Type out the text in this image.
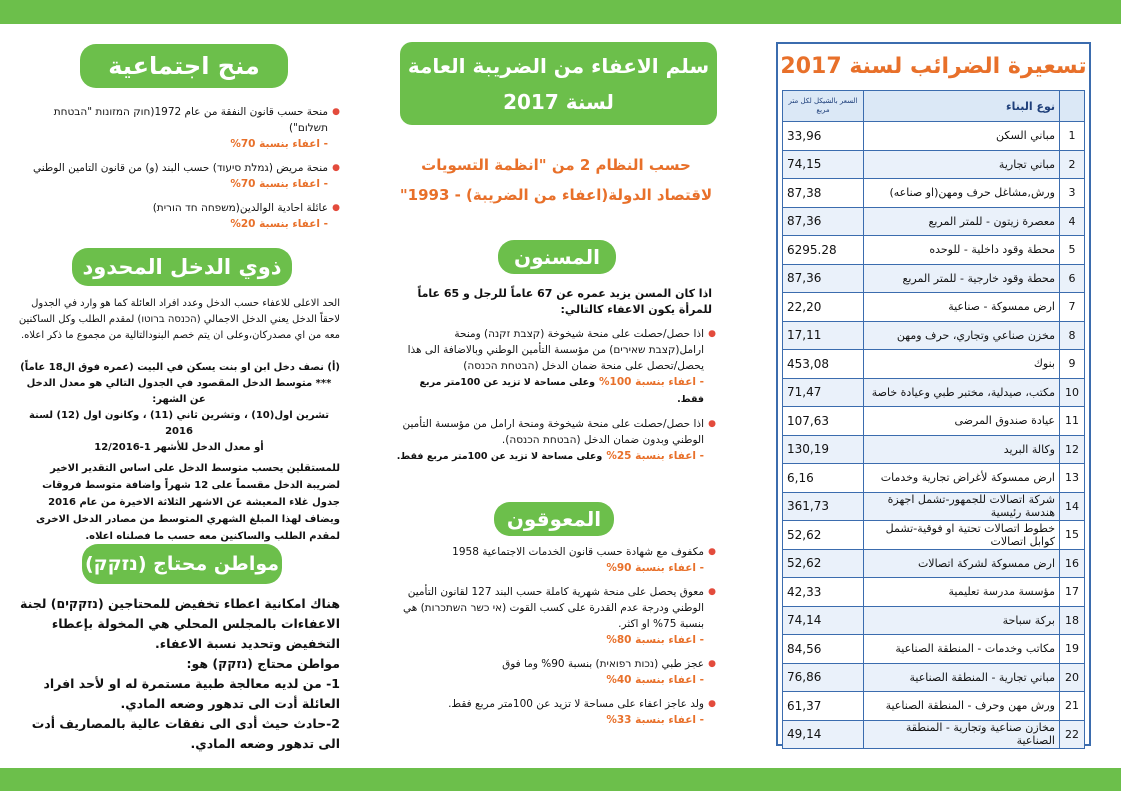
تسعيرة الضرائب لسنة 2017
	نوع البناء	السعر بالشيكل لكل متر مربع
1	مباني السكن	33,96
2	مباني تجارية	74,15
3	ورش,مشاغل حرف ومهن(او صناعه)	87,38
4	معصرة زيتون - للمتر المربع	87,36
5	محطة وقود داخلية - للوحده	6295.28
6	محطة وقود خارجية - للمتر المربع	87,36
7	ارض ممسوكة - صناعية	22,20
8	مخزن صناعي وتجاري، حرف ومهن	17,11
9	بنوك	453,08
10	مكتب، صيدلية، مختبر طبي وعيادة خاصة	71,47
11	عيادة صندوق المرضى	107,63
12	وكالة البريد	130,19
13	ارض ممسوكة لأغراض تجارية وخدمات	6,16
14	شركة اتصالات للجمهور-تشمل اجهزة هندسة رئيسية	361,73
15	خطوط اتصالات تحتية او فوقية-تشمل كوابل اتصالات	52,62
16	ارض ممسوكة لشركة اتصالات	52,62
17	مؤسسة مدرسة تعليمية	42,33
18	بركة سباحة	74,14
19	مكاتب وخدمات - المنطقة الصناعية	84,56
20	مباني تجارية - المنطقة الصناعية	76,86
21	ورش مهن وحرف - المنطقة الصناعية	61,37
22	مخازن صناعية وتجارية - المنطقة الصناعية	49,14
سلم الاعفاء من الضريبة العامة
لسنة 2017
حسب النظام 2 من "انظمة التسويات
لاقتصاد الدولة(اعفاء من الضريبة) - 1993"
المسنون

اذا كان المسن يزيد عمره عن 67 عاماً للرجل و 65 عاماً للمرأة يكون الاعفاء كالتالي:

● اذا حصل/حصلت على منحة شيخوخة (קצבת זקנה) ومنحة ارامل(קצבת שאירים) من مؤسسة التأمين الوطني وبالاضافة الى هذا يحصل/تحصل على منحة ضمان الدخل (הבטחת הכנסה)
- اعفاء بنسبة 100%وعلى مساحة لا تزيد عن 100متر مربع فقط.
● اذا حصل/حصلت على منحة شيخوخة ومنحة ارامل من مؤسسة التأمين الوطني وبدون ضمان الدخل (הבטחת הכנסה).
- اعفاء بنسبة 25%وعلى مساحة لا تزيد عن 100متر مربع فقط.
المعوقون
● مكفوف مع شهادة حسب قانون الخدمات الاجتماعية 1958
- اعفاء بنسبة 90%
● معوق يحصل على منحة شهرية كاملة حسب البند 127 لقانون التأمين الوطني ودرجة عدم القدرة على كسب القوت (אי כשר השתכרות) هي بنسبة 75% او اكثر.
- اعفاء بنسبة 80%
● عجز طبي (נכות רפואית) بنسبة 90% وما فوق
- اعفاء بنسبة 40%
● ولد عاجز اعفاء على مساحة لا تزيد عن 100متر مربع فقط.
- اعفاء بنسبة 33%
منح اجتماعية
● منحة حسب قانون النفقة من عام 1972(חוק המזונות "הבטחת תשלום")
- اعفاء بنسبة 70%
● منحة مريض (גמלת סיעוד) حسب البند (و) من قانون التامين الوطني
- اعفاء بنسبة 70%
● عائلة احادية الوالدين(משפחה חד הורית)
- اعفاء بنسبة 20%
ذوي الدخل المحدود

الحد الاعلى للاعفاء حسب الدخل وعدد افراد العائلة كما هو وارد في الجدول لاحقاً الدخل يعني الدخل الاجمالي (הכנסה ברוטו) لمقدم الطلب وكل الساكنين معه من اي مصدركان،وعلى ان يتم خصم البنودالتالية من مجموع ما ذكر اعلاه.

(أ) نصف دخل ابن او بنت يسكن في البيت (عمره فوق ال18 عاماً)

*** متوسط الدخل المقصود في الجدول التالي هو معدل الدخل عن الشهر:

تشرين اول(10) ، وتشرين ثاني (11) ، وكانون اول (12) لسنة 2016

أو معدل الدخل للأشهر 1-12/2016

للمستقلين يحسب متوسط الدخل على اساس التقدير الاخير لضريبة الدخل مقسماً على 12 شهراً واضافة متوسط فروقات جدول غلاء المعيشة عن الاشهر الثلاثة الاخيرة من عام 2016 ويضاف لهذا المبلغ الشهري المتوسط من مصادر الدخل الاخرى لمقدم الطلب والساكنين معه حسب ما فصلناه اعلاه.

مواطن محتاج (נזקק)

هناك امكانية اعطاء تخفيض للمحتاجين (נזקקים) لجنة الاعفاءات بالمجلس المحلي هي المخولة بإعطاء التخفيض وتحديد نسبة الاعفاء.

مواطن محتاج (נזקק) هو:

1- من لديه معالجة طبية مستمرة له او لأحد افراد العائلة أدت الى تدهور وضعه المادي.

2-حادث حيث أدى الى نفقات عالية بالمصاريف أدت الى تدهور وضعه المادي.
